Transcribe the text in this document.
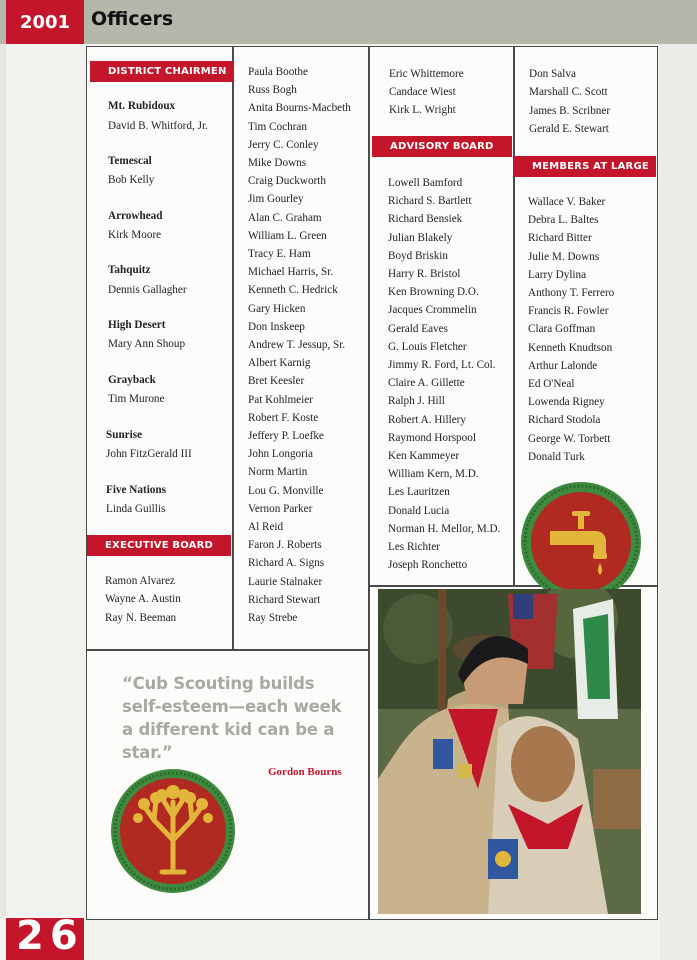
2001	Officers
DISTRICT CHAIRMEN
EXECUTIVE BOARD
ADVISORY BOARD
MEMBERS AT LARGE
Mt. Rubidoux
David B. Whitford, Jr.
Temescal
Bob Kelly
Arrowhead
Kirk Moore
Tahquitz
Dennis Gallagher
High Desert
Mary Ann Shoup
Grayback
Tim Murone
Sunrise
John FitzGerald III
Five Nations
Linda Guillis
Ramon Alvarez
Wayne A. Austin
Ray N. Beeman
Paula Boothe
Russ Bogh
Anita Bourns-Macbeth
Tim Cochran
Jerry C. Conley
Mike Downs
Craig Duckworth
Jim Gourley
Alan C. Graham
William L. Green
Tracy E. Ham
Michael Harris, Sr.
Kenneth C. Hedrick
Gary Hicken
Don Inskeep
Andrew T. Jessup, Sr.
Albert Karnig
Bret Keesler
Pat Kohlmeier
Robert F. Koste
Jeffery P. Loefke
John Longoria
Norm Martin
Lou G. Monville
Vernon Parker
Al Reid
Faron J. Roberts
Richard A. Signs
Laurie Stalnaker
Richard Stewart
Ray Strebe
Eric Whittemore
Candace Wiest
Kirk L. Wright
Lowell Bamford
Richard S. Bartlett
Richard Bensiek
Julian Blakely
Boyd Briskin
Harry R. Bristol
Ken Browning D.O.
Jacques Crommelin
Gerald Eaves
G. Louis Fletcher
Jimmy R. Ford, Lt. Col.
Claire A. Gillette
Ralph J. Hill
Robert A. Hillery
Raymond Horspool
Ken Kammeyer
William Kern, M.D.
Les Lauritzen
Donald Lucia
Norman H. Mellor, M.D.
Les Richter
Joseph Ronchetto
Don Salva
Marshall C. Scott
James B. Scribner
Gerald E. Stewart
Wallace V. Baker
Debra L. Baltes
Richard Bitter
Julie M. Downs
Larry Dylina
Anthony T. Ferrero
Francis R. Fowler
Clara Goffman
Kenneth Knudtson
Arthur Lalonde
Ed O'Neal
Lowenda Rigney
Richard Stodola
George W. Torbett
Donald Turk
“Cub Scouting builds self-esteem—each week a different kid can be a star.”
Gordon Bourns
26
